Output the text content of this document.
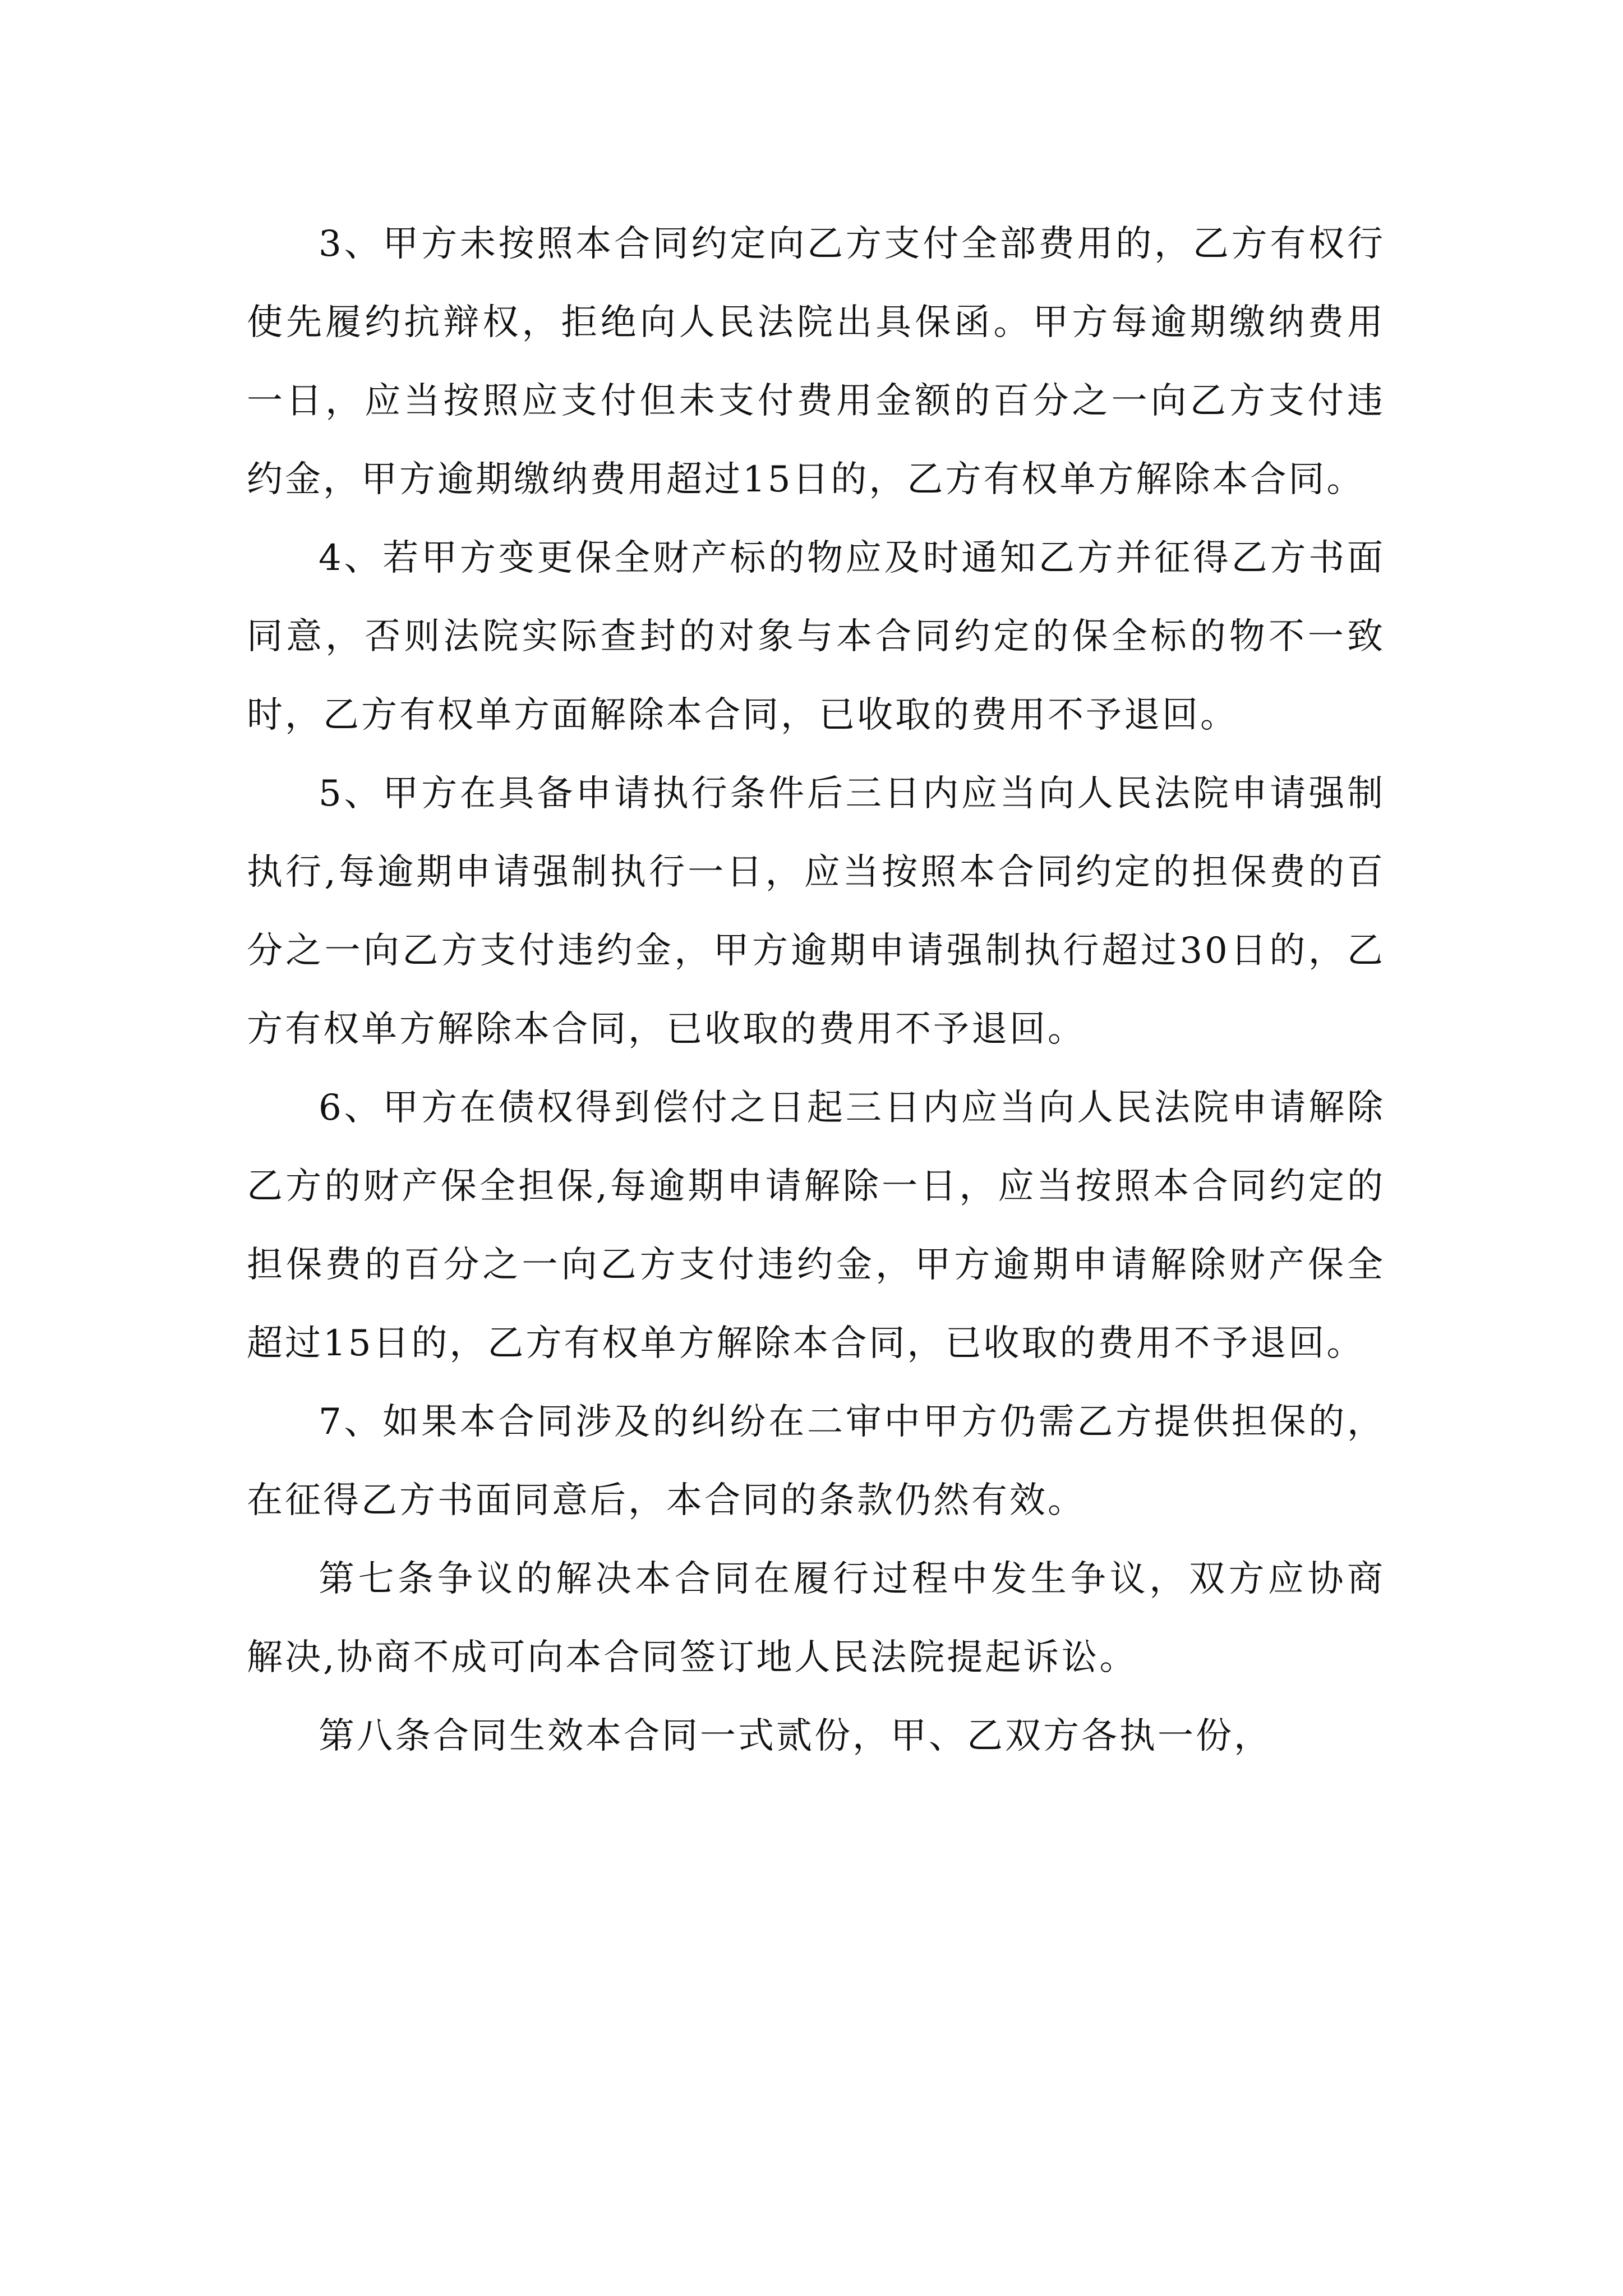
3、甲方未按照本合同约定向乙方支付全部费用的，乙方有权行使先履约抗辩权，拒绝向人民法院出具保函。甲方每逾期缴纳费用一日，应当按照应支付但未支付费用金额的百分之一向乙方支付违约金，甲方逾期缴纳费用超过15日的，乙方有权单方解除本合同。

4、若甲方变更保全财产标的物应及时通知乙方并征得乙方书面同意，否则法院实际查封的对象与本合同约定的保全标的物不一致时，乙方有权单方面解除本合同，已收取的费用不予退回。

5、甲方在具备申请执行条件后三日内应当向人民法院申请强制执行,每逾期申请强制执行一日，应当按照本合同约定的担保费的百分之一向乙方支付违约金，甲方逾期申请强制执行超过30日的，乙方有权单方解除本合同，已收取的费用不予退回。

6、甲方在债权得到偿付之日起三日内应当向人民法院申请解除乙方的财产保全担保,每逾期申请解除一日，应当按照本合同约定的担保费的百分之一向乙方支付违约金，甲方逾期申请解除财产保全超过15日的，乙方有权单方解除本合同，已收取的费用不予退回。

7、如果本合同涉及的纠纷在二审中甲方仍需乙方提供担保的，在征得乙方书面同意后，本合同的条款仍然有效。

第七条争议的解决本合同在履行过程中发生争议，双方应协商解决,协商不成可向本合同签订地人民法院提起诉讼。

第八条合同生效本合同一式贰份，甲、乙双方各执一份，
